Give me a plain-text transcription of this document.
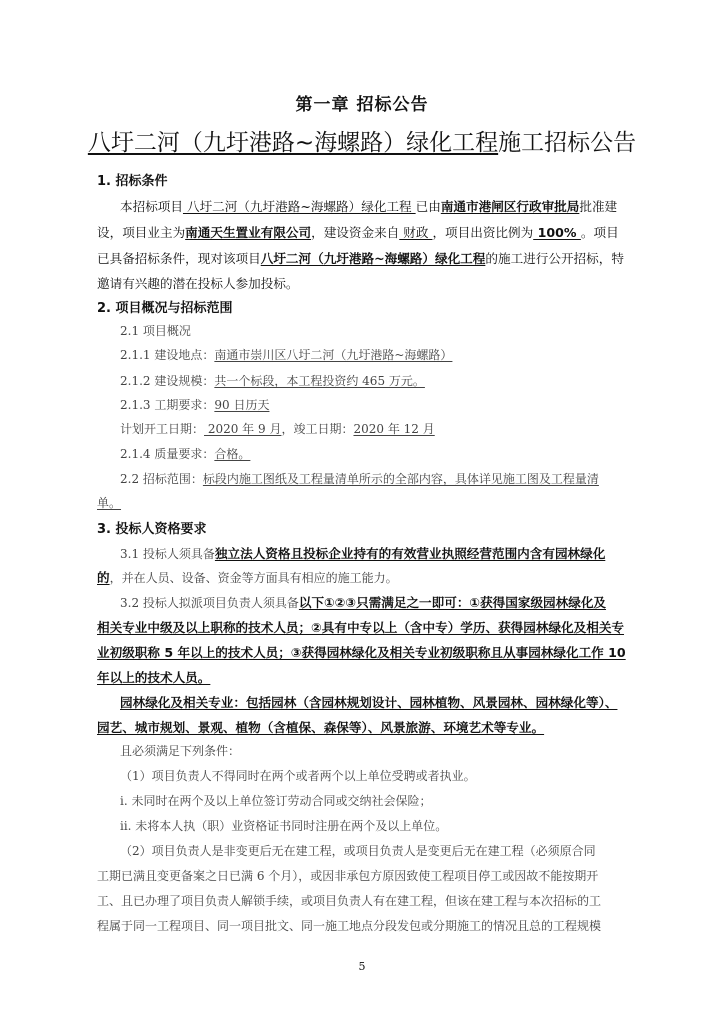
第一章 招标公告
八圩二河（九圩港路~海螺路）绿化工程施工招标公告
1. 招标条件
本招标项目 八圩二河（九圩港路~海螺路）绿化工程 已由南通市港闸区行政审批局批准建
设，项目业主为南通天生置业有限公司，建设资金来自 财政 ，项目出资比例为 100% 。项目
已具备招标条件，现对该项目八圩二河（九圩港路~海螺路）绿化工程的施工进行公开招标，特
邀请有兴趣的潜在投标人参加投标。
2. 项目概况与招标范围
2.1 项目概况
2.1.1 建设地点：南通市崇川区八圩二河（九圩港路~海螺路）
2.1.2 建设规模：共一个标段，本工程投资约 465 万元。
2.1.3 工期要求：90 日历天
计划开工日期： 2020 年 9 月，竣工日期：2020 年 12 月
2.1.4 质量要求：合格。
2.2 招标范围：标段内施工图纸及工程量清单所示的全部内容，具体详见施工图及工程量清
单。
3. 投标人资格要求
3.1 投标人须具备独立法人资格且投标企业持有的有效营业执照经营范围内含有园林绿化
的，并在人员、设备、资金等方面具有相应的施工能力。
3.2 投标人拟派项目负责人须具备以下①②③只需满足之一即可：①获得国家级园林绿化及
相关专业中级及以上职称的技术人员；②具有中专以上（含中专）学历、获得园林绿化及相关专
业初级职称 5 年以上的技术人员；③获得园林绿化及相关专业初级职称且从事园林绿化工作 10
年以上的技术人员。
园林绿化及相关专业：包括园林（含园林规划设计、园林植物、风景园林、园林绿化等）、
园艺、城市规划、景观、植物（含植保、森保等）、风景旅游、环境艺术等专业。
且必须满足下列条件：
（1）项目负责人不得同时在两个或者两个以上单位受聘或者执业。
ⅰ. 未同时在两个及以上单位签订劳动合同或交纳社会保险；
ⅱ. 未将本人执（职）业资格证书同时注册在两个及以上单位。
（2）项目负责人是非变更后无在建工程，或项目负责人是变更后无在建工程（必须原合同
工期已满且变更备案之日已满 6 个月），或因非承包方原因致使工程项目停工或因故不能按期开
工、且已办理了项目负责人解锁手续，或项目负责人有在建工程，但该在建工程与本次招标的工
程属于同一工程项目、同一项目批文、同一施工地点分段发包或分期施工的情况且总的工程规模
5
